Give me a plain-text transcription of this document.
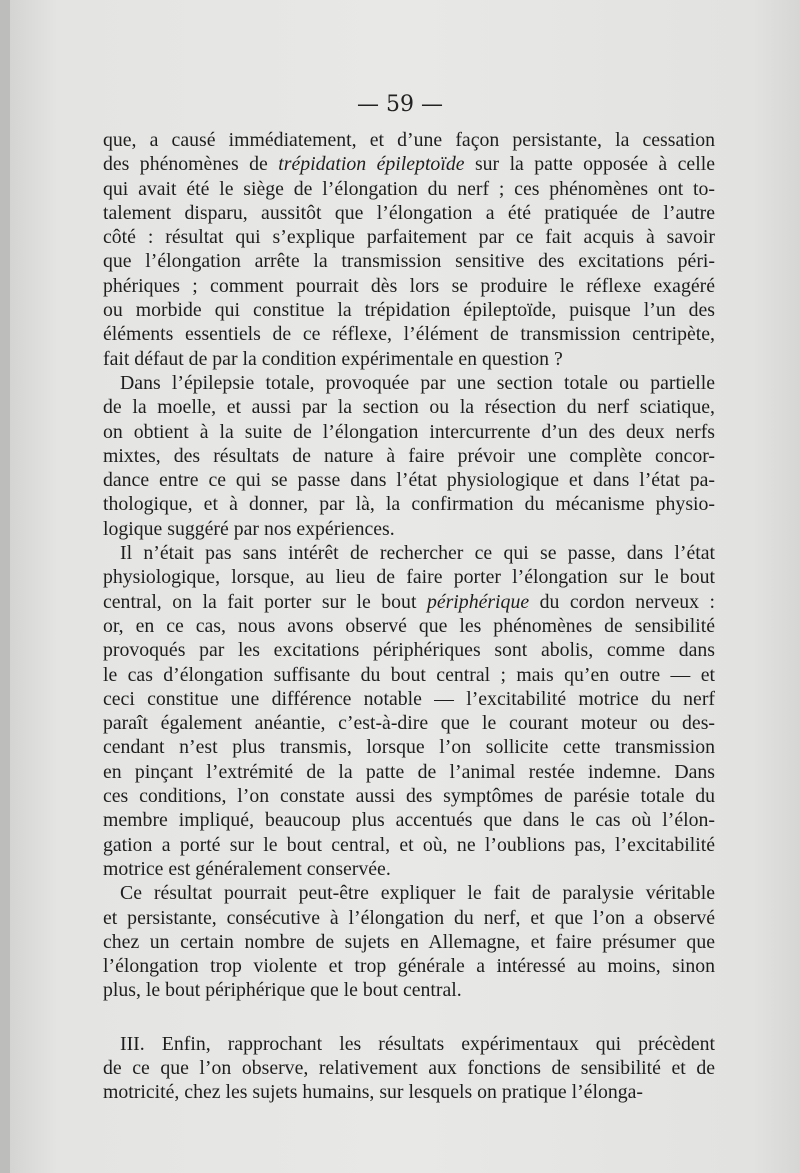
— 59 —
que, a causé immédiatement, et d’une façon persistante, la cessation
des phénomènes de trépidation épileptoïde sur la patte opposée à celle
qui avait été le siège de l’élongation du nerf ; ces phénomènes ont to-
talement disparu, aussitôt que l’élongation a été pratiquée de l’autre
côté : résultat qui s’explique parfaitement par ce fait acquis à savoir
que l’élongation arrête la transmission sensitive des excitations péri-
phériques ; comment pourrait dès lors se produire le réflexe exagéré
ou morbide qui constitue la trépidation épileptoïde, puisque l’un des
éléments essentiels de ce réflexe, l’élément de transmission centripète,
fait défaut de par la condition expérimentale en question ?
Dans l’épilepsie totale, provoquée par une section totale ou partielle
de la moelle, et aussi par la section ou la résection du nerf sciatique,
on obtient à la suite de l’élongation intercurrente d’un des deux nerfs
mixtes, des résultats de nature à faire prévoir une complète concor-
dance entre ce qui se passe dans l’état physiologique et dans l’état pa-
thologique, et à donner, par là, la confirmation du mécanisme physio-
logique suggéré par nos expériences.
Il n’était pas sans intérêt de rechercher ce qui se passe, dans l’état
physiologique, lorsque, au lieu de faire porter l’élongation sur le bout
central, on la fait porter sur le bout périphérique du cordon nerveux :
or, en ce cas, nous avons observé que les phénomènes de sensibilité
provoqués par les excitations périphériques sont abolis, comme dans
le cas d’élongation suffisante du bout central ; mais qu’en outre — et
ceci constitue une différence notable — l’excitabilité motrice du nerf
paraît également anéantie, c’est-à-dire que le courant moteur ou des-
cendant n’est plus transmis, lorsque l’on sollicite cette transmission
en pinçant l’extrémité de la patte de l’animal restée indemne. Dans
ces conditions, l’on constate aussi des symptômes de parésie totale du
membre impliqué, beaucoup plus accentués que dans le cas où l’élon-
gation a porté sur le bout central, et où, ne l’oublions pas, l’excitabilité
motrice est généralement conservée.
Ce résultat pourrait peut-être expliquer le fait de paralysie véritable
et persistante, consécutive à l’élongation du nerf, et que l’on a observé
chez un certain nombre de sujets en Allemagne, et faire présumer que
l’élongation trop violente et trop générale a intéressé au moins, sinon
plus, le bout périphérique que le bout central.
III. Enfin, rapprochant les résultats expérimentaux qui précèdent
de ce que l’on observe, relativement aux fonctions de sensibilité et de
motricité, chez les sujets humains, sur lesquels on pratique l’élonga-
